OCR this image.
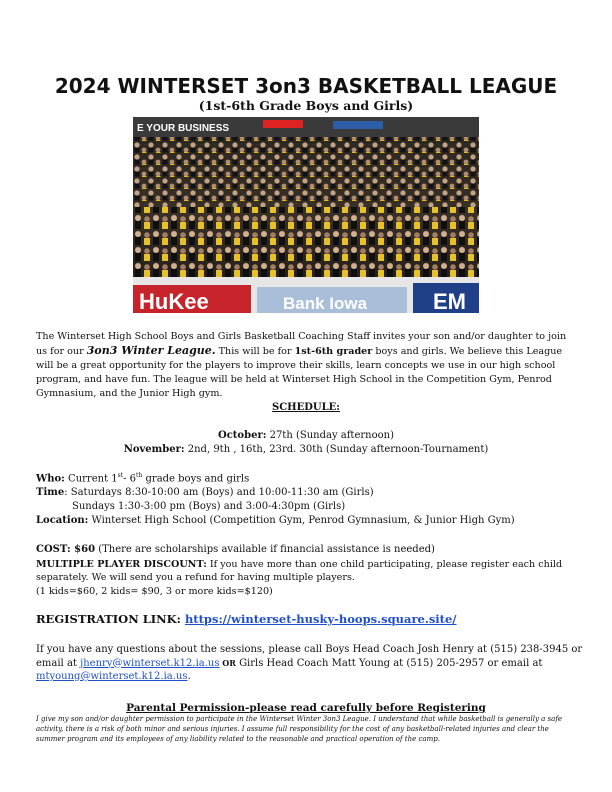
2024 WINTERSET 3on3 BASKETBALL LEAGUE
(1st-6th Grade Boys and Girls)
E YOUR BUSINESS
HuKee	Bank Iowa	EM
The Winterset High School Boys and Girls Basketball Coaching Staff invites your son and/or daughter to join us for our 3on3 Winter League. This will be for 1st-6th grader boys and girls. We believe this League will be a great opportunity for the players to improve their skills, learn concepts we use in our high school program, and have fun. The league will be held at Winterset High School in the Competition Gym, Penrod Gymnasium, and the Junior High gym.
SCHEDULE:
October: 27th (Sunday afternoon)
November: 2nd, 9th , 16th, 23rd. 30th (Sunday afternoon-Tournament)
Who: Current 1st- 6th grade boys and girls
Time: Saturdays 8:30-10:00 am (Boys) and 10:00-11:30 am (Girls)
Sundays 1:30-3:00 pm (Boys) and 3:00-4:30pm (Girls)
Location: Winterset High School (Competition Gym, Penrod Gymnasium, & Junior High Gym)
COST: $60 (There are scholarships available if financial assistance is needed)
MULTIPLE PLAYER DISCOUNT: If you have more than one child participating, please register each child separately. We will send you a refund for having multiple players.
(1 kids=$60, 2 kids= $90, 3 or more kids=$120)
REGISTRATION LINK: https://winterset-husky-hoops.square.site/
If you have any questions about the sessions, please call Boys Head Coach Josh Henry at (515) 238-3945 or email at jhenry@winterset.k12.ia.us OR Girls Head Coach Matt Young at (515) 205-2957 or email at mtyoung@winterset.k12.ia.us.
Parental Permission-please read carefully before Registering
I give my son and/or daughter permission to participate in the Winterset Winter 3on3 League. I understand that while basketball is generally a safe activity, there is a risk of both minor and serious injuries. I assume full responsibility for the cost of any basketball-related injuries and clear the summer program and its employees of any liability related to the reasonable and practical operation of the camp.
